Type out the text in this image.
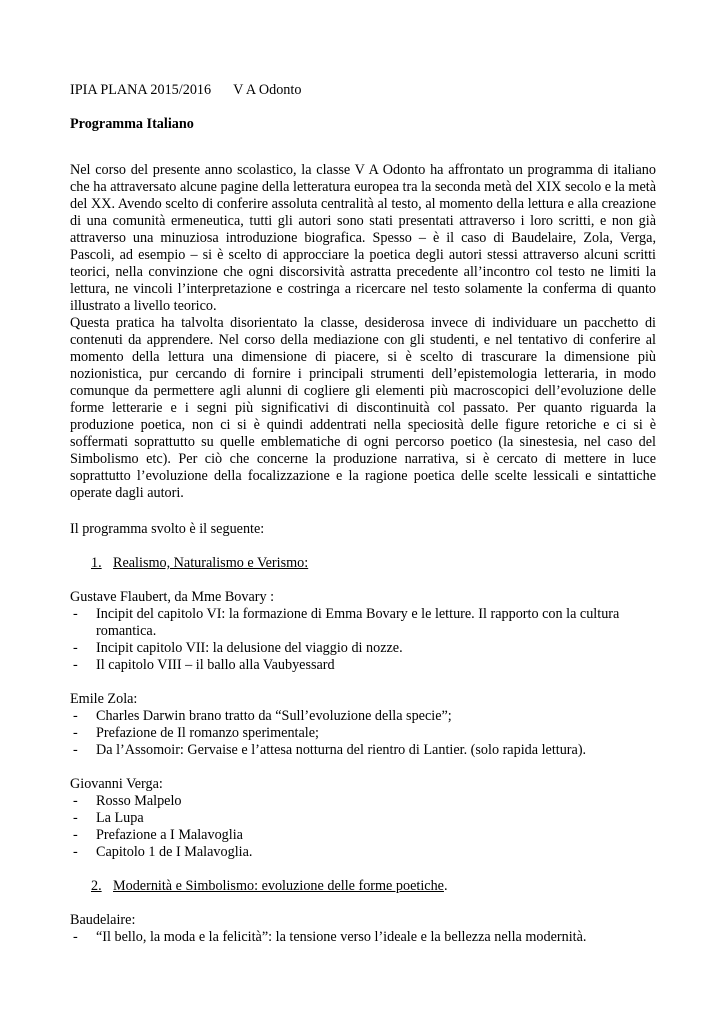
IPIA PLANA 2015/2016 V A Odonto
Programma Italiano

Nel corso del presente anno scolastico, la classe V A Odonto ha affrontato un programma di italiano che ha attraversato alcune pagine della letteratura europea tra la seconda metà del XIX secolo e la metà del XX. Avendo scelto di conferire assoluta centralità al testo, al momento della lettura e alla creazione di una comunità ermeneutica, tutti gli autori sono stati presentati attraverso i loro scritti, e non già attraverso una minuziosa introduzione biografica. Spesso – è il caso di Baudelaire, Zola, Verga, Pascoli, ad esempio – si è scelto di approcciare la poetica degli autori stessi attraverso alcuni scritti teorici, nella convinzione che ogni discorsività astratta precedente all’incontro col testo ne limiti la lettura, ne vincoli l’interpretazione e costringa a ricercare nel testo solamente la conferma di quanto illustrato a livello teorico.

Questa pratica ha talvolta disorientato la classe, desiderosa invece di individuare un pacchetto di contenuti da apprendere. Nel corso della mediazione con gli studenti, e nel tentativo di conferire al momento della lettura una dimensione di piacere, si è scelto di trascurare la dimensione più nozionistica, pur cercando di fornire i principali strumenti dell’epistemologia letteraria, in modo comunque da permettere agli alunni di cogliere gli elementi più macroscopici dell’evoluzione delle forme letterarie e i segni più significativi di discontinuità col passato. Per quanto riguarda la produzione poetica, non ci si è quindi addentrati nella speciosità delle figure retoriche e ci si è soffermati soprattutto su quelle emblematiche di ogni percorso poetico (la sinestesia, nel caso del Simbolismo etc). Per ciò che concerne la produzione narrativa, si è cercato di mettere in luce soprattutto l’evoluzione della focalizzazione e la ragione poetica delle scelte lessicali e sintattiche operate dagli autori.

Il programma svolto è il seguente:
1. Realismo, Naturalismo e Verismo:
Gustave Flaubert, da Mme Bovary :
- Incipit del capitolo VI: la formazione di Emma Bovary e le letture. Il rapporto con la cultura romantica.
- Incipit capitolo VII: la delusione del viaggio di nozze.
- Il capitolo VIII – il ballo alla Vaubyessard
Emile Zola:
- Charles Darwin brano tratto da “Sull’evoluzione della specie”;
- Prefazione de Il romanzo sperimentale;
- Da l’Assomoir: Gervaise e l’attesa notturna del rientro di Lantier. (solo rapida lettura).
Giovanni Verga:
- Rosso Malpelo
- La Lupa
- Prefazione a I Malavoglia
- Capitolo 1 de I Malavoglia.
2. Modernità e Simbolismo: evoluzione delle forme poetiche.
Baudelaire:
- “Il bello, la moda e la felicità”: la tensione verso l’ideale e la bellezza nella modernità.
